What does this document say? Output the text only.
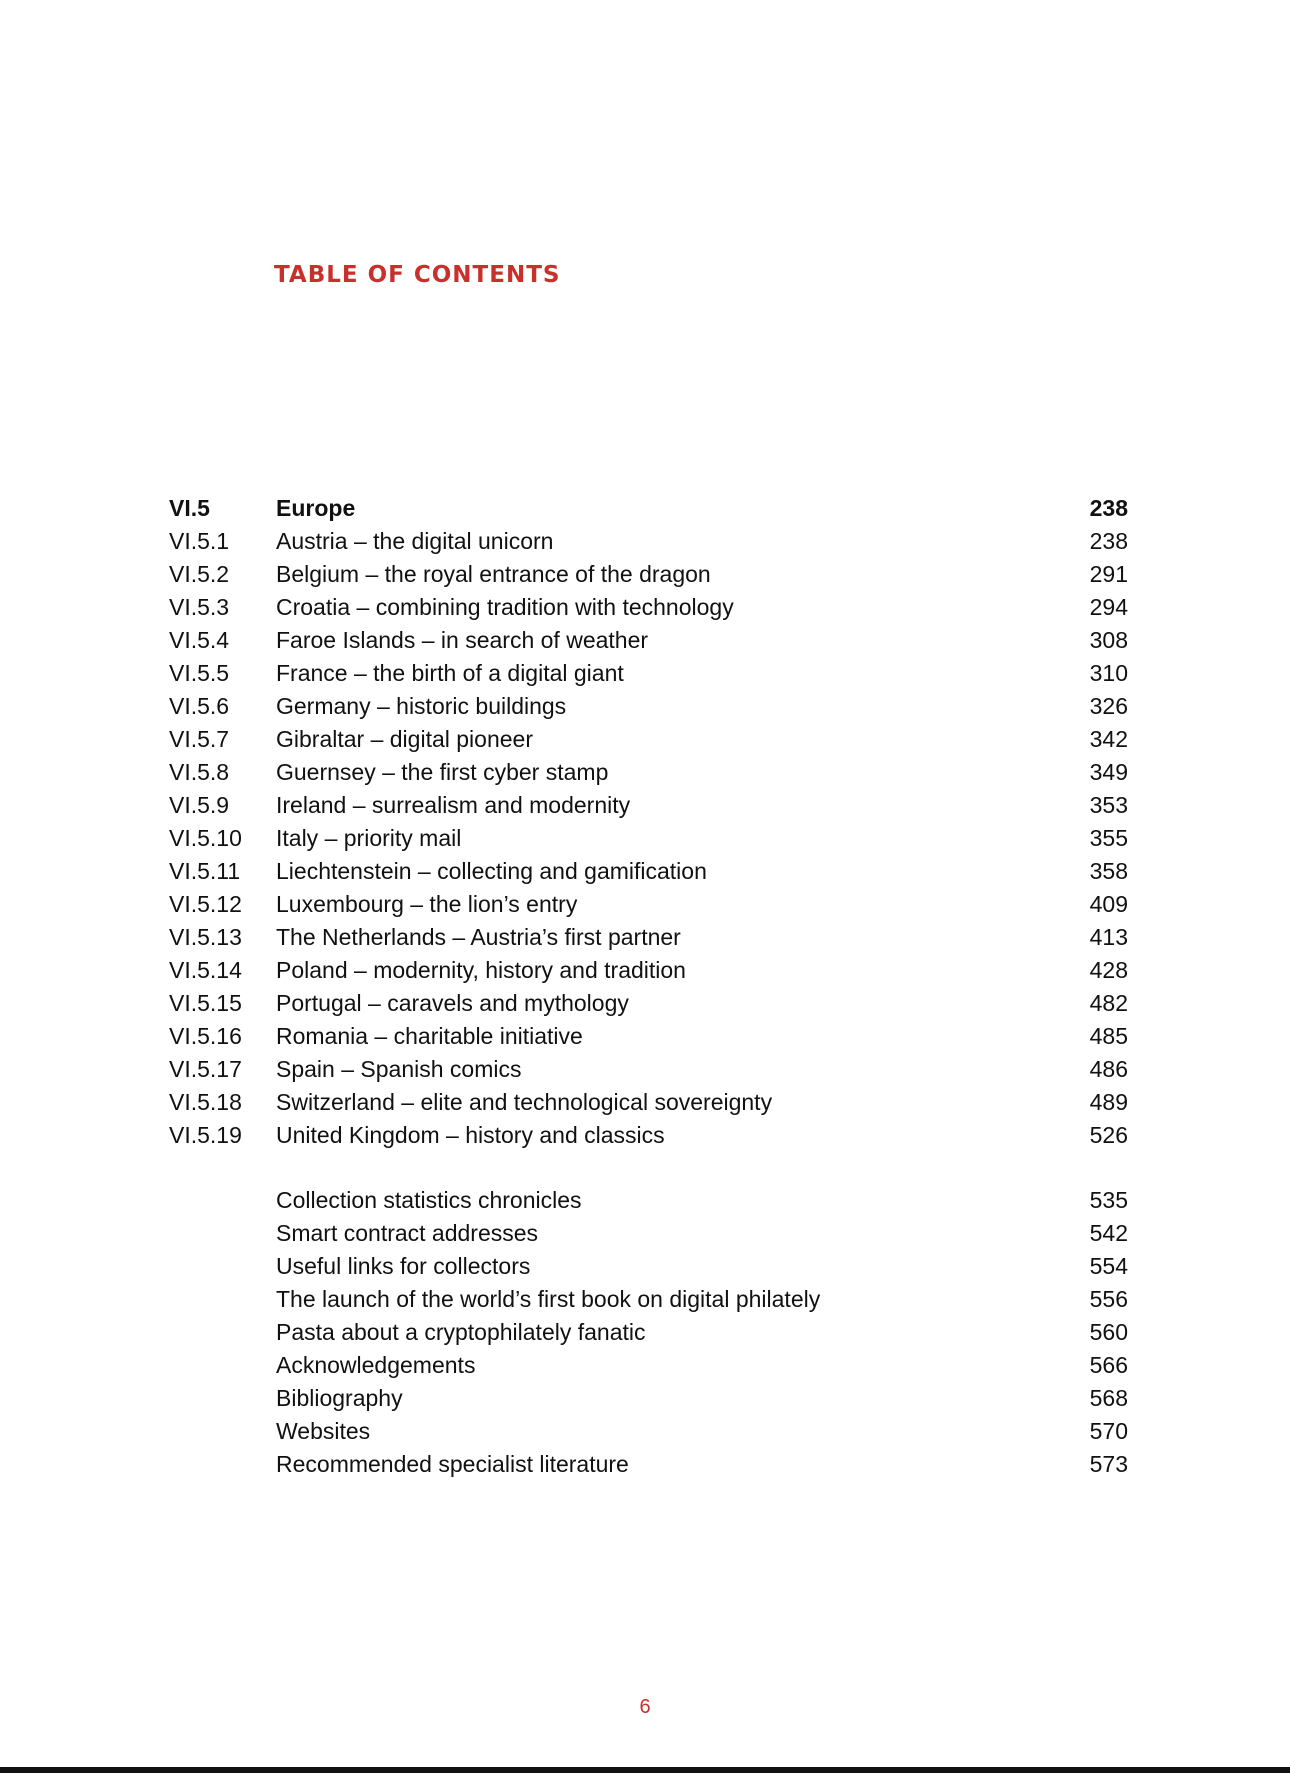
TABLE OF CONTENTS
VI.5	Europe	238
VI.5.1 Austria – the digital unicorn	238
VI.5.2 Belgium – the royal entrance of the dragon	291
VI.5.3 Croatia – combining tradition with technology	294
VI.5.4 Faroe Islands – in search of weather	308
VI.5.5 France – the birth of a digital giant	310
VI.5.6 Germany – historic buildings	326
VI.5.7 Gibraltar – digital pioneer	342
VI.5.8 Guernsey – the first cyber stamp	349
VI.5.9 Ireland – surrealism and modernity	353
VI.5.10 Italy – priority mail	355
VI.5.11 Liechtenstein – collecting and gamification	358
VI.5.12 Luxembourg – the lion’s entry	409
VI.5.13 The Netherlands – Austria’s first partner	413
VI.5.14 Poland – modernity, history and tradition	428
VI.5.15 Portugal – caravels and mythology	482
VI.5.16 Romania – charitable initiative	485
VI.5.17 Spain – Spanish comics	486
VI.5.18 Switzerland – elite and technological sovereignty	489
VI.5.19 United Kingdom – history and classics	526
Collection statistics chronicles	535
Smart contract addresses	542
Useful links for collectors	554
The launch of the world’s first book on digital philately	556
Pasta about a cryptophilately fanatic	560
Acknowledgements	566
Bibliography	568
Websites	570
Recommended specialist literature	573
6
